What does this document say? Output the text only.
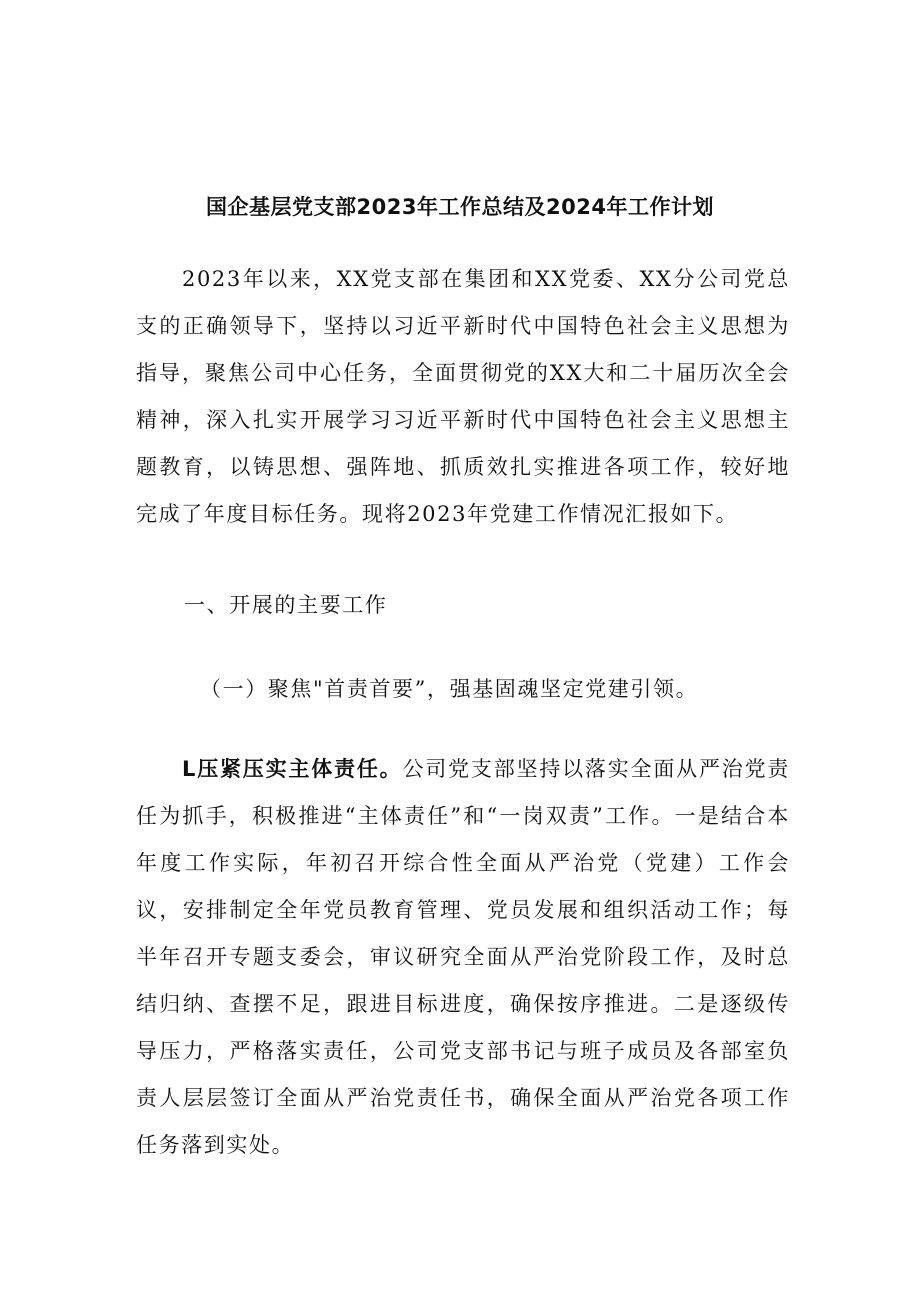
国企基层党支部2023年工作总结及2024年工作计划

2023年以来，XX党支部在集团和XX党委、XX分公司党总支的正确领导下，坚持以习近平新时代中国特色社会主义思想为指导，聚焦公司中心任务，全面贯彻党的XX大和二十届历次全会精神，深入扎实开展学习习近平新时代中国特色社会主义思想主题教育，以铸思想、强阵地、抓质效扎实推进各项工作，较好地完成了年度目标任务。现将2023年党建工作情况汇报如下。

一、开展的主要工作

（一）聚焦"首责首要”，强基固魂坚定党建引领。

L压紧压实主体责任。公司党支部坚持以落实全面从严治党责任为抓手，积极推进“主体责任”和“一岗双责”工作。一是结合本年度工作实际，年初召开综合性全面从严治党（党建）工作会议，安排制定全年党员教育管理、党员发展和组织活动工作；每半年召开专题支委会，审议研究全面从严治党阶段工作，及时总结归纳、查摆不足，跟进目标进度，确保按序推进。二是逐级传导压力，严格落实责任，公司党支部书记与班子成员及各部室负责人层层签订全面从严治党责任书，确保全面从严治党各项工作任务落到实处。
